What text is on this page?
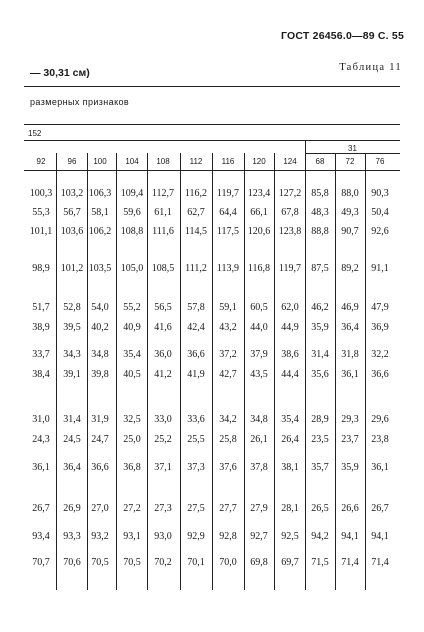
ГОСТ 26456.0—89 С. 55
— 30,31 см)	Таблица 11
размерных признаков
152
31
92	96	100	104	108	112	116	120	124	68	72	76
100,3 103,2 106,3 109,4 112,7	116,2 119,7 123,4 127,2	85,8	88,0	90,3
55,3	56,7	58,1	59,6	61,1	62,7	64,4	66,1	67,8	48,3	49,3	50,4
101,1 103,6 106,2 108,8 111,6	114,5 117,5 120,6 123,8	88,8	90,7	92,6
98,9	101,2 103,5 105,0 108,5	111,2	113,9 116,8 119,7	87,5	89,2	91,1
51,7	52,8	54,0	55,2	56,5	57,8	59,1	60,5	62,0	46,2	46,9	47,9
38,9	39,5	40,2	40,9	41,6	42,4	43,2	44,0	44,9	35,9	36,4	36,9
33,7	34,3	34,8	35,4	36,0	36,6	37,2	37,9	38,6	31,4	31,8	32,2
38,4	39,1	39,8	40,5	41,2	41,9	42,7	43,5	44,4	35,6	36,1	36,6
31,0	31,4	31,9	32,5	33,0	33,6	34,2	34,8	35,4	28,9	29,3	29,6
24,3	24,5	24,7	25,0	25,2	25,5	25,8	26,1	26,4	23,5	23,7	23,8
36,1	36,4	36,6	36,8	37,1	37,3	37,6	37,8	38,1	35,7	35,9	36,1
26,7	26,9	27,0	27,2	27,3	27,5	27,7	27,9	28,1	26,5	26,6	26,7
93,4	93,3	93,2	93,1	93,0	92,9	92,8	92,7	92,5	94,2	94,1	94,1
70,7	70,6	70,5	70,5	70,2	70,1	70,0	69,8	69,7	71,5	71,4	71,4
